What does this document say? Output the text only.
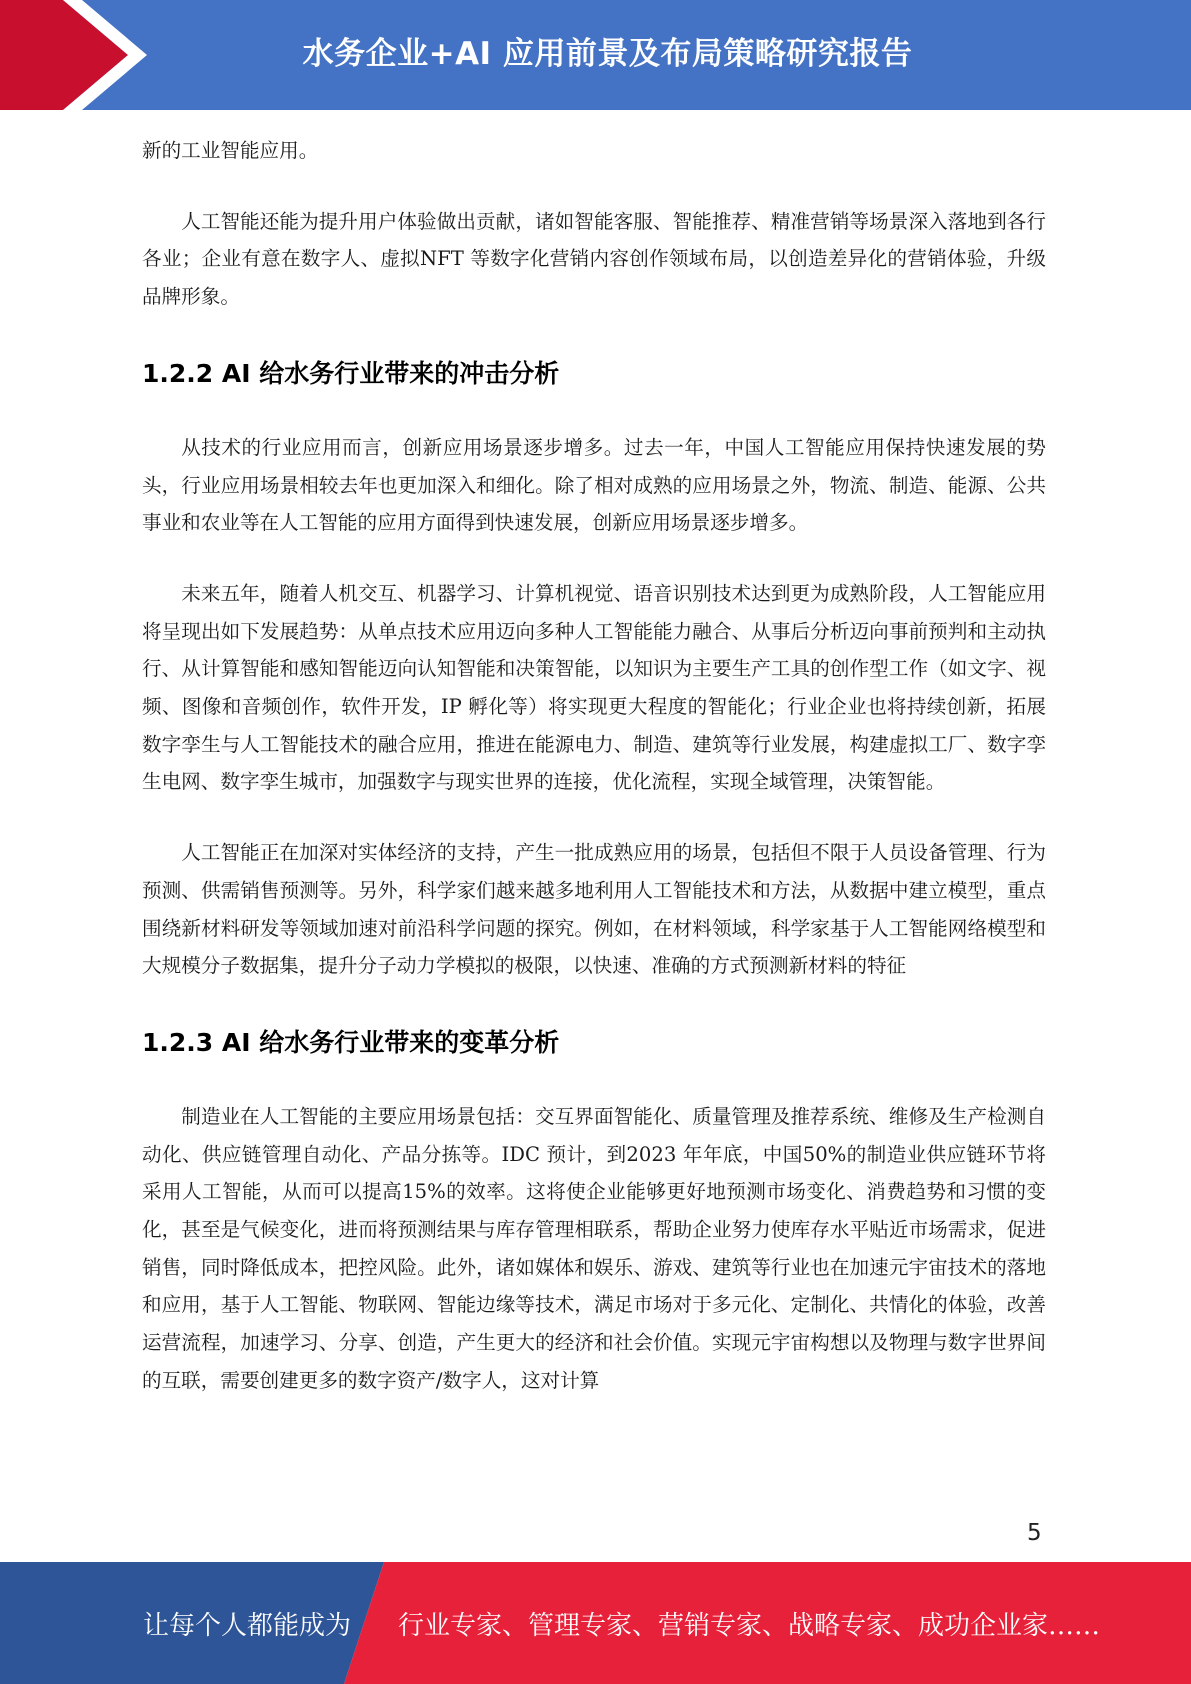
水务企业+AI 应用前景及布局策略研究报告

新的工业智能应用。

人工智能还能为提升用户体验做出贡献，诸如智能客服、智能推荐、精准营销等场景深入落地到各行各业；企业有意在数字人、虚拟NFT 等数字化营销内容创作领域布局，以创造差异化的营销体验，升级品牌形象。

1.2.2 AI 给水务行业带来的冲击分析

从技术的行业应用而言，创新应用场景逐步增多。过去一年，中国人工智能应用保持快速发展的势头，行业应用场景相较去年也更加深入和细化。除了相对成熟的应用场景之外，物流、制造、能源、公共事业和农业等在人工智能的应用方面得到快速发展，创新应用场景逐步增多。

未来五年，随着人机交互、机器学习、计算机视觉、语音识别技术达到更为成熟阶段，人工智能应用将呈现出如下发展趋势：从单点技术应用迈向多种人工智能能力融合、从事后分析迈向事前预判和主动执行、从计算智能和感知智能迈向认知智能和决策智能，以知识为主要生产工具的创作型工作（如文字、视频、图像和音频创作，软件开发，IP 孵化等）将实现更大程度的智能化；行业企业也将持续创新，拓展数字孪生与人工智能技术的融合应用，推进在能源电力、制造、建筑等行业发展，构建虚拟工厂、数字孪生电网、数字孪生城市，加强数字与现实世界的连接，优化流程，实现全域管理，决策智能。

人工智能正在加深对实体经济的支持，产生一批成熟应用的场景，包括但不限于人员设备管理、行为预测、供需销售预测等。另外，科学家们越来越多地利用人工智能技术和方法，从数据中建立模型，重点围绕新材料研发等领域加速对前沿科学问题的探究。例如，在材料领域，科学家基于人工智能网络模型和大规模分子数据集，提升分子动力学模拟的极限，以快速、准确的方式预测新材料的特征

1.2.3 AI 给水务行业带来的变革分析

制造业在人工智能的主要应用场景包括：交互界面智能化、质量管理及推荐系统、维修及生产检测自动化、供应链管理自动化、产品分拣等。IDC 预计，到2023 年年底，中国50%的制造业供应链环节将采用人工智能，从而可以提高15%的效率。这将使企业能够更好地预测市场变化、消费趋势和习惯的变化，甚至是气候变化，进而将预测结果与库存管理相联系，帮助企业努力使库存水平贴近市场需求，促进销售，同时降低成本，把控风险。此外，诸如媒体和娱乐、游戏、建筑等行业也在加速元宇宙技术的落地和应用，基于人工智能、物联网、智能边缘等技术，满足市场对于多元化、定制化、共情化的体验，改善运营流程，加速学习、分享、创造，产生更大的经济和社会价值。实现元宇宙构想以及物理与数字世界间的互联，需要创建更多的数字资产/数字人，这对计算

5
让每个人都能成为	行业专家、管理专家、营销专家、战略专家、成功企业家……
